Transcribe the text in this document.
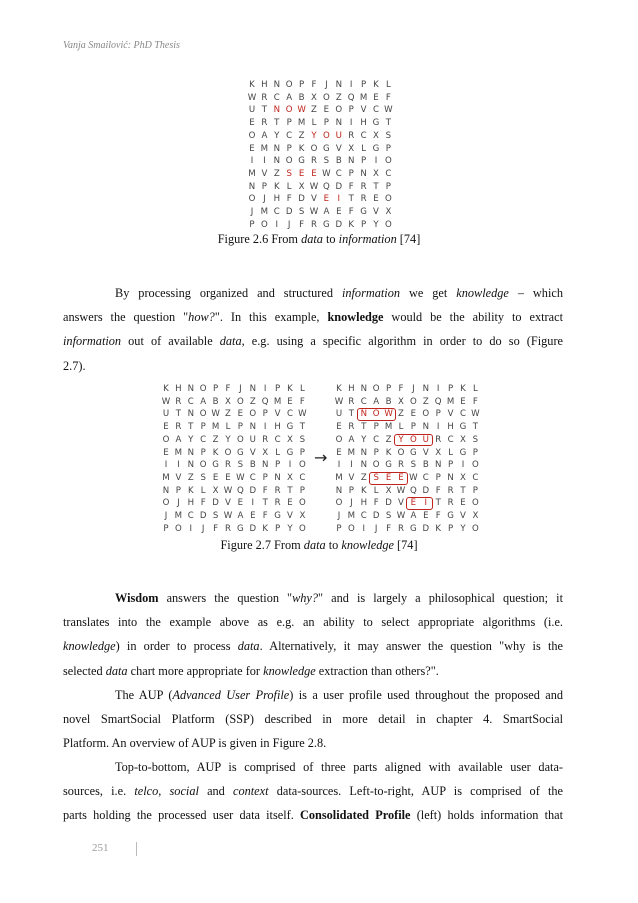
Vanja Smailović: PhD Thesis
K H N O P F	J N I P K L
W R C A B X O Z Q M E F
U T N O W Z E O P V C W
E R T P M L P N I H G T
O A Y C Z Y O U R C X S
E M N P K O G V X L G P
I	I N O G R S B N P I O
M V Z S E E W C P N X C
N P K L X W Q D F R T P
O J H F D V E I T R E O
J M C D S W A E F G V X
P O I	J	F R G D K P Y O
Figure 2.6 From data to information [74]
By processing organized and structured information we get knowledge – which
answers the question "how?". In this example, knowledge would be the ability to extract
information out of available data, e.g. using a specific algorithm in order to do so (Figure
2.7).
K H N O P F	J N I P K L
W R C A B X O Z Q M E F
U T N O W Z E O P V C W
E R T P M L P N I H G T
O A Y C Z Y O U R C X S
E M N P K O G V X L G P
I	I N O G R S B N P I O
M V Z S E E W C P N X C
N P K L X W Q D F R T P
O J H F D V E I T R E O
J M C D S W A E F G V X
P O I	J	F R G D K P Y O
→
K H N O P F	J N I P K L
W R C A B X O Z Q M E F
U T N O W Z E O P V C W
E R T P M L P N I H G T
O A Y C Z Y O U R C X S
E M N P K O G V X L G P
I	I N O G R S B N P I O
M V Z S E E W C P N X C
N P K L X W Q D F R T P
O J H F D V E I T R E O
J M C D S W A E F G V X
P O I	J	F R G D K P Y O
Figure 2.7 From data to knowledge [74]
Wisdom answers the question "why?" and is largely a philosophical question; it
translates into the example above as e.g. an ability to select appropriate algorithms (i.e.
knowledge) in order to process data. Alternatively, it may answer the question "why is the
selected data chart more appropriate for knowledge extraction than others?".
The AUP (Advanced User Profile) is a user profile used throughout the proposed and
novel SmartSocial Platform (SSP) described in more detail in chapter 4. SmartSocial
Platform. An overview of AUP is given in Figure 2.8.
Top-to-bottom, AUP is comprised of three parts aligned with available user data-
sources, i.e. telco, social and context data-sources. Left-to-right, AUP is comprised of the
parts holding the processed user data itself. Consolidated Profile (left) holds information that
251
